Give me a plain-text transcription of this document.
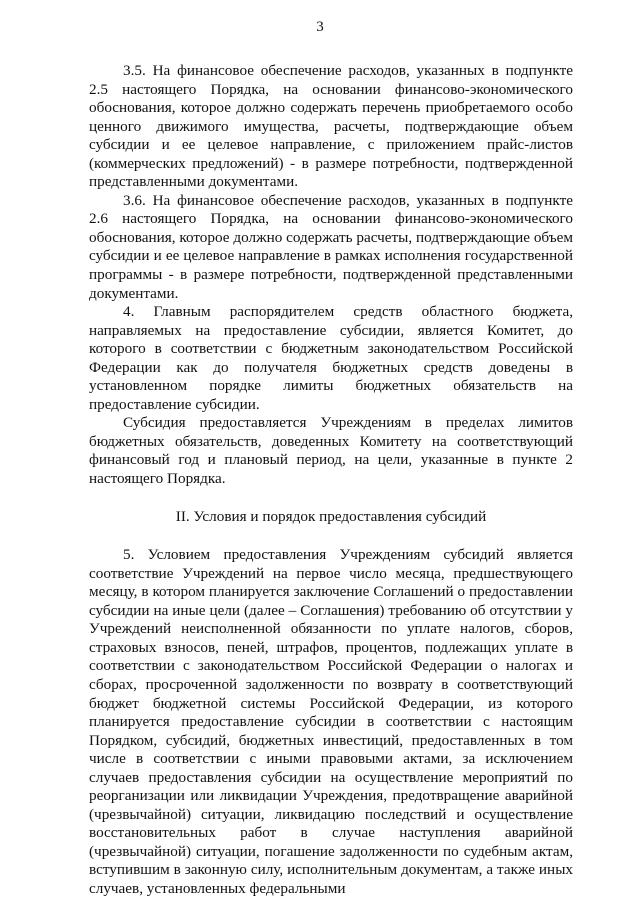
3

3.5. На финансовое обеспечение расходов, указанных в подпункте 2.5 настоящего Порядка, на основании финансово-экономического обоснования, которое должно содержать перечень приобретаемого особо ценного движимого имущества, расчеты, подтверждающие объем субсидии и ее целевое направление, с приложением прайс-листов (коммерческих предложений) - в размере потребности, подтвержденной представленными документами.

3.6. На финансовое обеспечение расходов, указанных в подпункте 2.6 настоящего Порядка, на основании финансово-экономического обоснования, которое должно содержать расчеты, подтверждающие объем субсидии и ее целевое направление в рамках исполнения государственной программы - в размере потребности, подтвержденной представленными документами.

4. Главным распорядителем средств областного бюджета, направляемых на предоставление субсидии, является Комитет, до которого в соответствии с бюджетным законодательством Российской Федерации как до получателя бюджетных средств доведены в установленном порядке лимиты бюджетных обязательств на предоставление субсидии.

Субсидия предоставляется Учреждениям в пределах лимитов бюджетных обязательств, доведенных Комитету на соответствующий финансовый год и плановый период, на цели, указанные в пункте 2 настоящего Порядка.

II. Условия и порядок предоставления субсидий

5. Условием предоставления Учреждениям субсидий является соответствие Учреждений на первое число месяца, предшествующего месяцу, в котором планируется заключение Соглашений о предоставлении субсидии на иные цели (далее – Соглашения) требованию об отсутствии у Учреждений неисполненной обязанности по уплате налогов, сборов, страховых взносов, пеней, штрафов, процентов, подлежащих уплате в соответствии с законодательством Российской Федерации о налогах и сборах, просроченной задолженности по возврату в соответствующий бюджет бюджетной системы Российской Федерации, из которого планируется предоставление субсидии в соответствии с настоящим Порядком, субсидий, бюджетных инвестиций, предоставленных в том числе в соответствии с иными правовыми актами, за исключением случаев предоставления субсидии на осуществление мероприятий по реорганизации или ликвидации Учреждения, предотвращение аварийной (чрезвычайной) ситуации, ликвидацию последствий и осуществление восстановительных работ в случае наступления аварийной (чрезвычайной) ситуации, погашение задолженности по судебным актам, вступившим в законную силу, исполнительным документам, а также иных случаев, установленных федеральными
